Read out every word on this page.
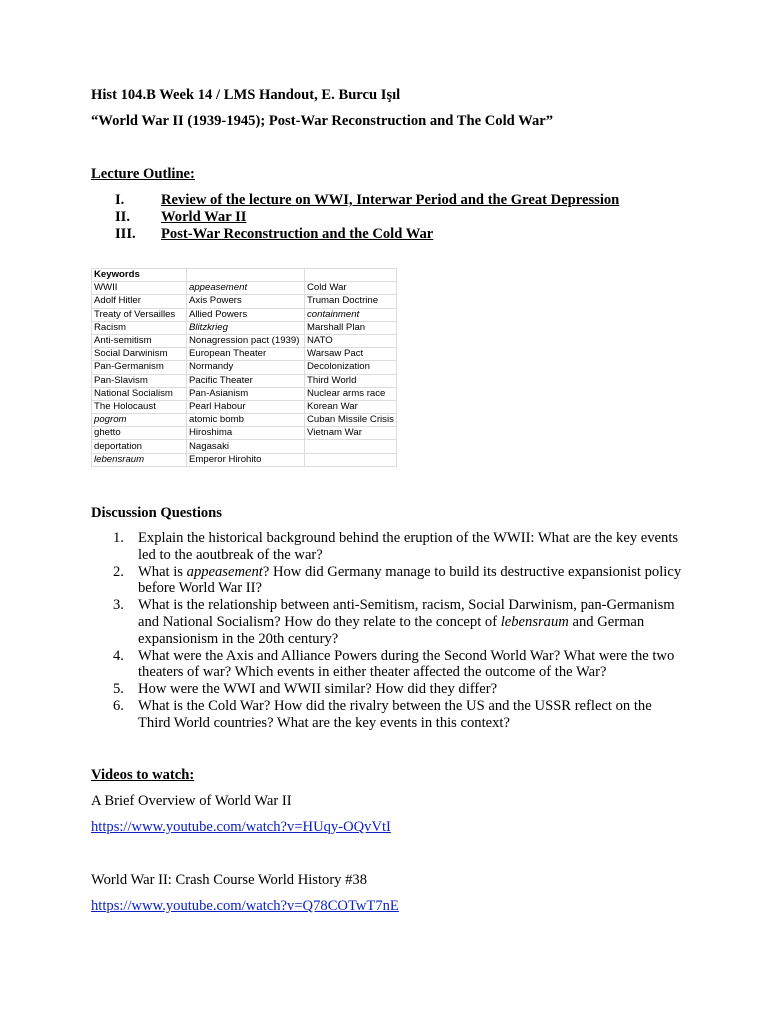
Hist 104.B Week 14 / LMS Handout, E. Burcu Işıl
“World War II (1939-1945); Post-War Reconstruction and The Cold War”
Lecture Outline:
I.	Review of the lecture on WWI, Interwar Period and the Great Depression
II.	World War II
III.	Post-War Reconstruction and the Cold War
Keywords		
WWII	appeasement	Cold War
Adolf Hitler	Axis Powers	Truman Doctrine
Treaty of Versailles	Allied Powers	containment
Racism	Blitzkrieg	Marshall Plan
Anti-semitism	Nonagression pact (1939)	NATO
Social Darwinism	European Theater	Warsaw Pact
Pan-Germanism	Normandy	Decolonization
Pan-Slavism	Pacific Theater	Third World
National Socialism	Pan-Asianism	Nuclear arms race
The Holocaust	Pearl Habour	Korean War
pogrom	atomic bomb	Cuban Missile Crisis
ghetto	Hiroshima	Vietnam War
deportation	Nagasaki	
lebensraum	Emperor Hirohito	
Discussion Questions
1. Explain the historical background behind the eruption of the WWII: What are the key events led to the aoutbreak of the war?
2. What is appeasement? How did Germany manage to build its destructive expansionist policy before World War II?
3. What is the relationship between anti-Semitism, racism, Social Darwinism, pan-Germanism and National Socialism? How do they relate to the concept of lebensraum and German expansionism in the 20th century?
4. What were the Axis and Alliance Powers during the Second World War? What were the two theaters of war? Which events in either theater affected the outcome of the War?
5. How were the WWI and WWII similar? How did they differ?
6. What is the Cold War? How did the rivalry between the US and the USSR reflect on the Third World countries? What are the key events in this context?
Videos to watch:
A Brief Overview of World War II
https://www.youtube.com/watch?v=HUqy-OQvVtI
World War II: Crash Course World History #38
https://www.youtube.com/watch?v=Q78COTwT7nE
